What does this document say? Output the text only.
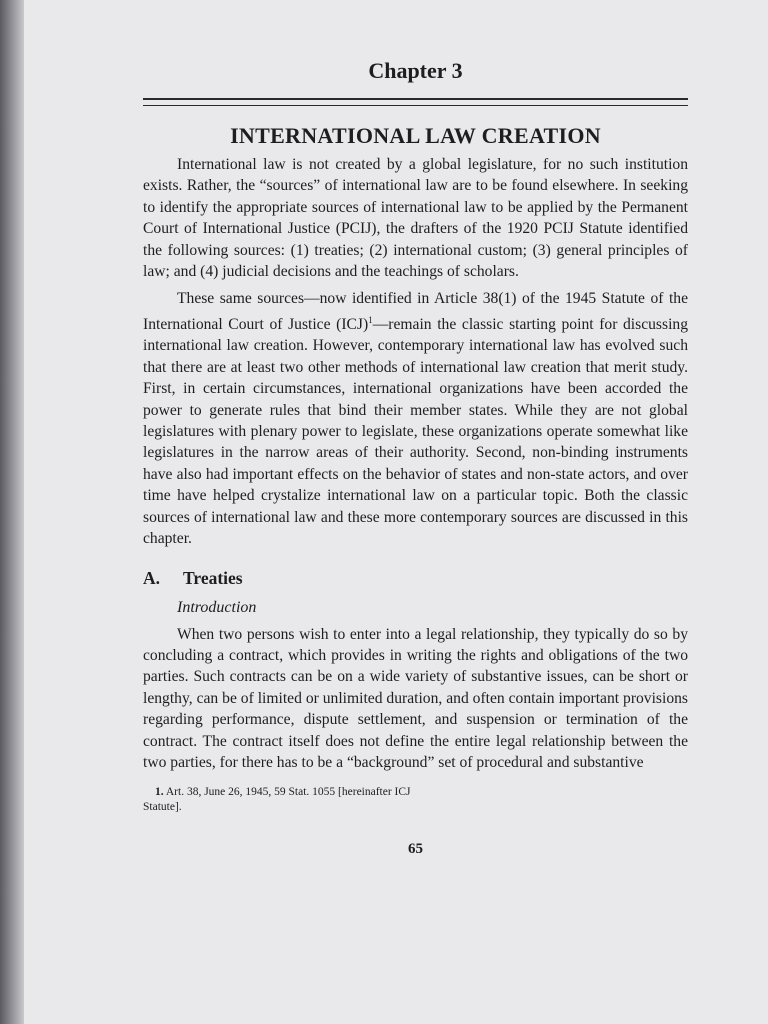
Chapter 3
INTERNATIONAL LAW CREATION

International law is not created by a global legislature, for no such institution exists. Rather, the “sources” of international law are to be found elsewhere. In seeking to identify the appropriate sources of international law to be applied by the Permanent Court of International Justice (PCIJ), the drafters of the 1920 PCIJ Statute identified the following sources: (1) treaties; (2) international custom; (3) general principles of law; and (4) judicial decisions and the teachings of scholars.

These same sources—now identified in Article 38(1) of the 1945 Statute of the International Court of Justice (ICJ)$^1$—remain the classic starting point for discussing international law creation. However, contemporary international law has evolved such that there are at least two other methods of international law creation that merit study. First, in certain circumstances, international organizations have been accorded the power to generate rules that bind their member states. While they are not global legislatures with plenary power to legislate, these organizations operate somewhat like legislatures in the narrow areas of their authority. Second, non-binding instruments have also had important effects on the behavior of states and non-state actors, and over time have helped crystalize international law on a particular topic. Both the classic sources of international law and these more contemporary sources are discussed in this chapter.

A. Treaties
Introduction

When two persons wish to enter into a legal relationship, they typically do so by concluding a contract, which provides in writing the rights and obligations of the two parties. Such contracts can be on a wide variety of substantive issues, can be short or lengthy, can be of limited or unlimited duration, and often contain important provisions regarding performance, dispute settlement, and suspension or termination of the contract. The contract itself does not define the entire legal relationship between the two parties, for there has to be a “background” set of procedural and substantive

1. Art. 38, June 26, 1945, 59 Stat. 1055 [hereinafter ICJ Statute].
65
